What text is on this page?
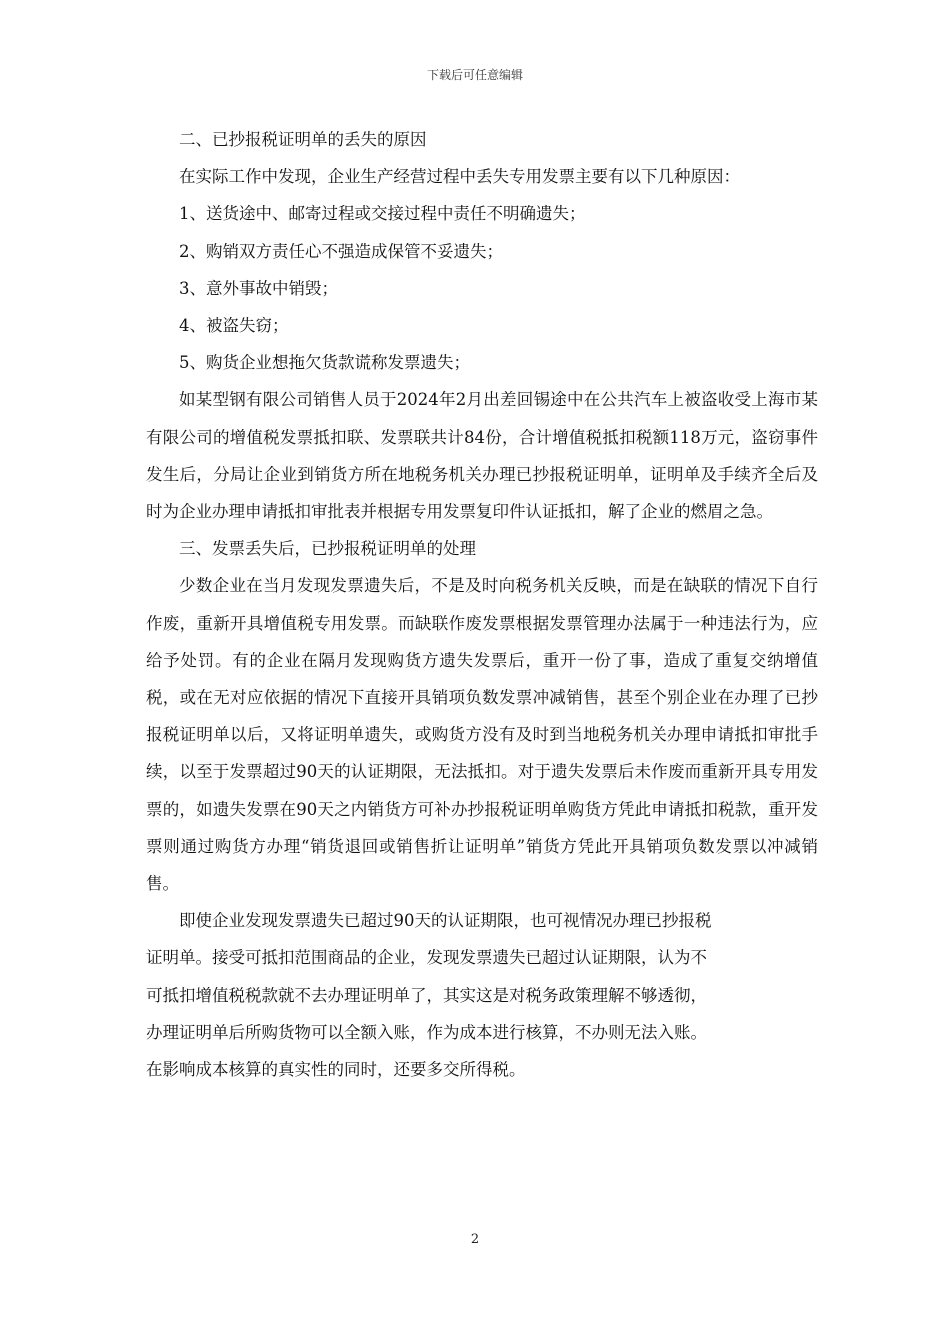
下载后可任意编辑

二、已抄报税证明单的丢失的原因

在实际工作中发现，企业生产经营过程中丢失专用发票主要有以下几种原因：

1、送货途中、邮寄过程或交接过程中责任不明确遗失；

2、购销双方责任心不强造成保管不妥遗失；

3、意外事故中销毁；

4、被盗失窃；

5、购货企业想拖欠货款谎称发票遗失；

如某型钢有限公司销售人员于2024年2月出差回锡途中在公共汽车上被盗收受上海市某有限公司的增值税发票抵扣联、发票联共计84份，合计增值税抵扣税额118万元，盗窃事件发生后，分局让企业到销货方所在地税务机关办理已抄报税证明单，证明单及手续齐全后及时为企业办理申请抵扣审批表并根据专用发票复印件认证抵扣，解了企业的燃眉之急。

三、发票丢失后，已抄报税证明单的处理

少数企业在当月发现发票遗失后，不是及时向税务机关反映，而是在缺联的情况下自行作废，重新开具增值税专用发票。而缺联作废发票根据发票管理办法属于一种违法行为，应给予处罚。有的企业在隔月发现购货方遗失发票后，重开一份了事，造成了重复交纳增值税，或在无对应依据的情况下直接开具销项负数发票冲减销售，甚至个别企业在办理了已抄报税证明单以后，又将证明单遗失，或购货方没有及时到当地税务机关办理申请抵扣审批手续，以至于发票超过90天的认证期限，无法抵扣。对于遗失发票后未作废而重新开具专用发票的，如遗失发票在90天之内销货方可补办抄报税证明单购货方凭此申请抵扣税款，重开发票则通过购货方办理“销货退回或销售折让证明单”销货方凭此开具销项负数发票以冲减销售。

即使企业发现发票遗失已超过90天的认证期限，也可视情况办理已抄报税
证明单。接受可抵扣范围商品的企业，发现发票遗失已超过认证期限，认为不
可抵扣增值税税款就不去办理证明单了，其实这是对税务政策理解不够透彻，
办理证明单后所购货物可以全额入账，作为成本进行核算，不办则无法入账。
在影响成本核算的真实性的同时，还要多交所得税。
2
